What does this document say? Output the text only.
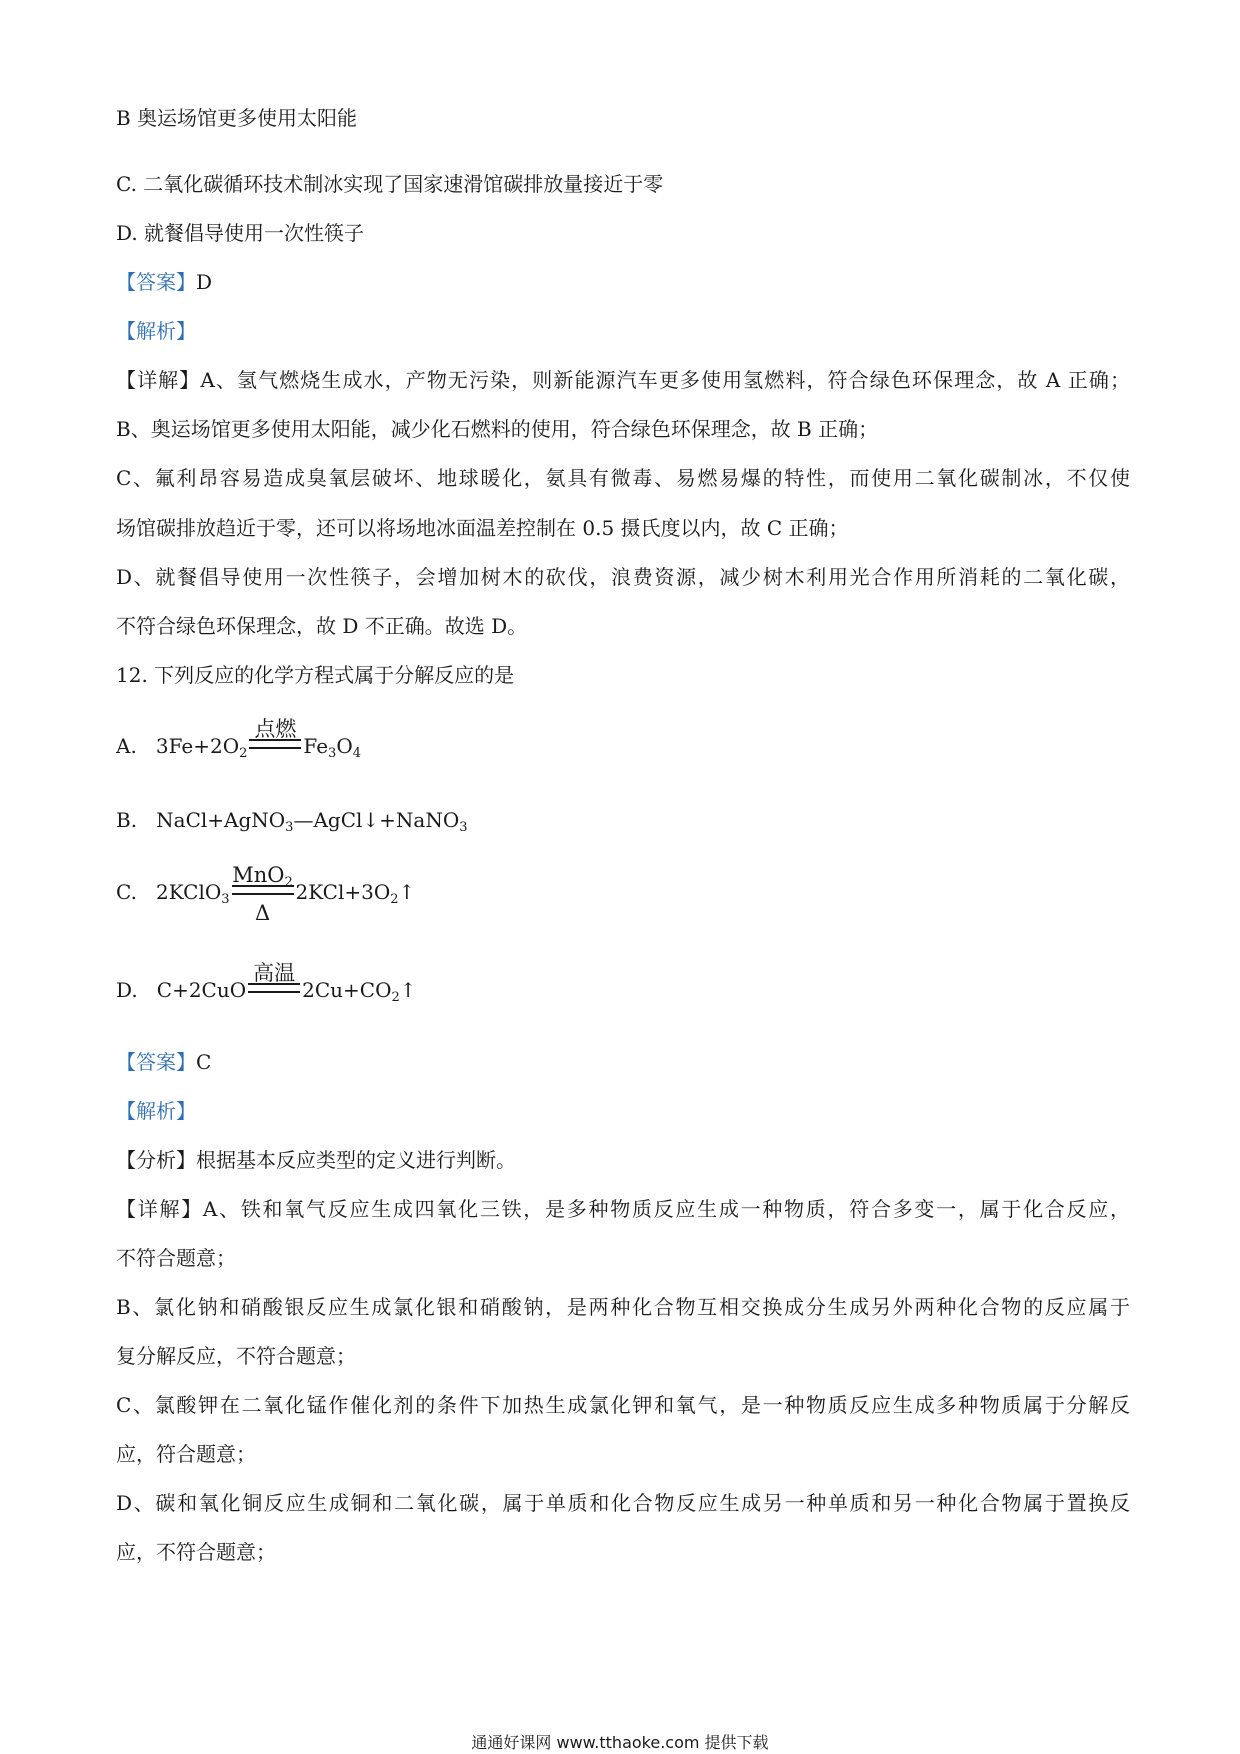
B 奥运场馆更多使用太阳能
C. 二氧化碳循环技术制冰实现了国家速滑馆碳排放量接近于零
D. 就餐倡导使用一次性筷子
【答案】D
【解析】
【详解】A、氢气燃烧生成水，产物无污染，则新能源汽车更多使用氢燃料，符合绿色环保理念，故 A 正确；
B、奥运场馆更多使用太阳能，减少化石燃料的使用，符合绿色环保理念，故 B 正确；
C、氟利昂容易造成臭氧层破坏、地球暖化，氨具有微毒、易燃易爆的特性，而使用二氧化碳制冰，不仅使
场馆碳排放趋近于零，还可以将场地冰面温差控制在 0.5 摄氏度以内，故 C 正确；
D、就餐倡导使用一次性筷子，会增加树木的砍伐，浪费资源，减少树木利用光合作用所消耗的二氧化碳，
不符合绿色环保理念，故 D 不正确。故选 D。
12. 下列反应的化学方程式属于分解反应的是
A. $3Fe+2O_2$
点燃
$Fe_3O_4$
B. NaCl+AgNO$_3$—AgCl↓+NaNO$_3$
C. 2KClO$_3$
MnO$_2$
Δ
$2KCl+3O_2↑$
D. C+2CuO
高温
$2Cu+CO_2↑$
【答案】C
【解析】
【分析】根据基本反应类型的定义进行判断。
【详解】A、铁和氧气反应生成四氧化三铁，是多种物质反应生成一种物质，符合多变一，属于化合反应，
不符合题意；
B、氯化钠和硝酸银反应生成氯化银和硝酸钠，是两种化合物互相交换成分生成另外两种化合物的反应属于
复分解反应，不符合题意；
C、氯酸钾在二氧化锰作催化剂的条件下加热生成氯化钾和氧气，是一种物质反应生成多种物质属于分解反
应，符合题意；
D、碳和氧化铜反应生成铜和二氧化碳，属于单质和化合物反应生成另一种单质和另一种化合物属于置换反
应，不符合题意；
通通好课网 www.tthaoke.com 提供下载
